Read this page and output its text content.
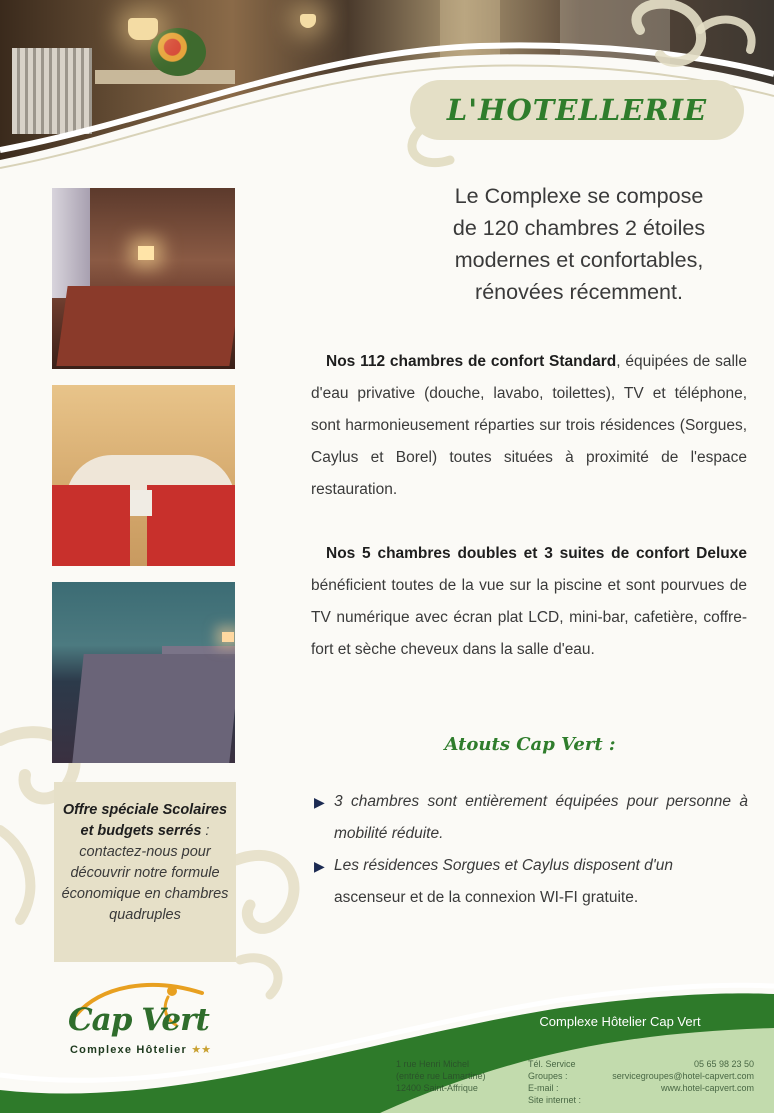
L'HOTELLERIE
Le Complexe se compose
de 120 chambres 2 étoiles
modernes et confortables,
rénovées récemment.
Nos 112 chambres de confort Standard, équipées de salle d'eau privative (douche, lavabo, toilettes), TV et téléphone, sont harmonieusement réparties sur trois résidences (Sorgues, Caylus et Borel) toutes situées à proximité de l'espace restauration.
Nos 5 chambres doubles et 3 suites de confort Deluxe bénéficient toutes de la vue sur la piscine et sont pourvues de TV numérique avec écran plat LCD, mini-bar, cafetière, coffre-fort et sèche cheveux dans la salle d'eau.
Atouts Cap Vert :
▶ 3 chambres sont entièrement équipées pour personne à mobilité réduite.
▶ Les résidences Sorgues et Caylus disposent d'un
ascenseur et de la connexion WI-FI gratuite.
Offre spéciale Scolaires et budgets serrés : contactez-nous pour découvrir notre formule économique en chambres quadruples
Complexe Hôtelier Cap Vert
1 rue Henri Michel
(entrée rue Lamartine)
12400 Saint-Affrique
Tél. Service Groupes :
E-mail :
Site internet :
05 65 98 23 50
servicegroupes@hotel-capvert.com
www.hotel-capvert.com
Cap Vert
Complexe Hôtelier ★★
